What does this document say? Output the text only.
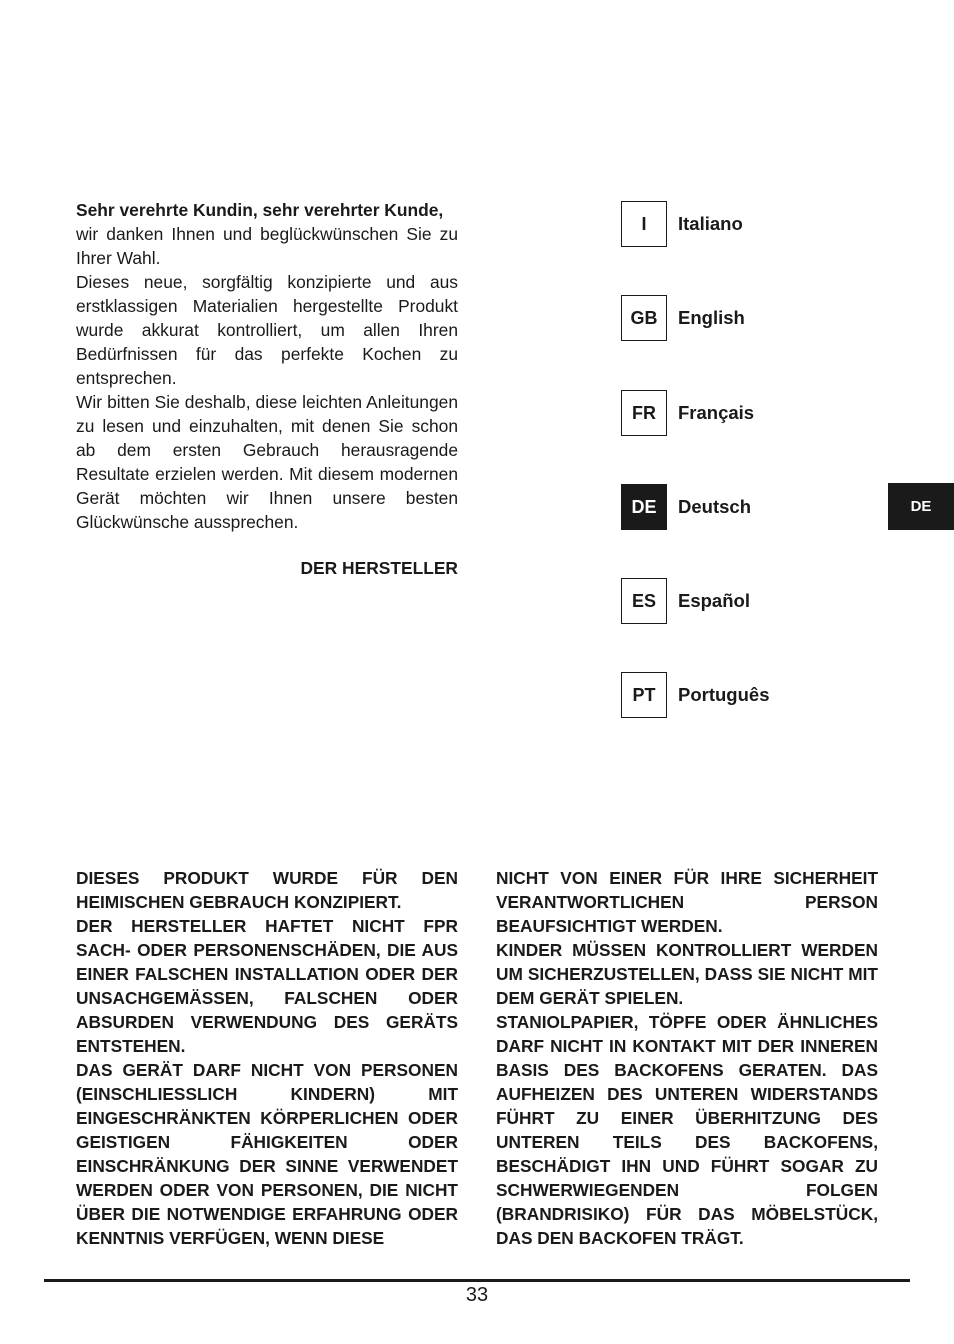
Sehr verehrte Kundin, sehr verehrter Kunde,

wir danken Ihnen und beglückwünschen Sie zu Ihrer Wahl.

Dieses neue, sorgfältig konzipierte und aus erstklassigen Materialien hergestellte Produkt wurde akkurat kontrolliert, um allen Ihren Bedürfnissen für das perfekte Kochen zu entsprechen.

Wir bitten Sie deshalb, diese leichten Anleitungen zu lesen und einzuhalten, mit denen Sie schon ab dem ersten Gebrauch herausragende Resultate erzielen werden. Mit diesem modernen Gerät möchten wir Ihnen unsere besten Glückwünsche aussprechen.

DER HERSTELLER

I	Italiano
GB	English
FR	Français
DE	Deutsch
ES	Español
PT	Português
DE

DIESES PRODUKT WURDE FÜR DEN HEIMISCHEN GEBRAUCH KONZIPIERT.
DER HERSTELLER HAFTET NICHT FPR SACH- ODER PERSONENSCHÄDEN, DIE AUS EINER FALSCHEN INSTALLATION ODER DER UNSACHGEMÄSSEN, FALSCHEN ODER ABSURDEN VERWENDUNG DES GERÄTS ENTSTEHEN.
DAS GERÄT DARF NICHT VON PERSONEN (EINSCHLIESSLICH KINDERN) MIT EINGESCHRÄNKTEN KÖRPERLICHEN ODER GEISTIGEN FÄHIGKEITEN ODER EINSCHRÄNKUNG DER SINNE VERWENDET WERDEN ODER VON PERSONEN, DIE NICHT ÜBER DIE NOTWENDIGE ERFAHRUNG ODER KENNTNIS VERFÜGEN, WENN DIESE

NICHT VON EINER FÜR IHRE SICHERHEIT VERANTWORTLICHEN PERSON BEAUFSICHTIGT WERDEN.
KINDER MÜSSEN KONTROLLIERT WERDEN UM SICHERZUSTELLEN, DASS SIE NICHT MIT DEM GERÄT SPIELEN.
STANIOLPAPIER, TÖPFE ODER ÄHNLICHES DARF NICHT IN KONTAKT MIT DER INNEREN BASIS DES BACKOFENS GERATEN. DAS AUFHEIZEN DES UNTEREN WIDERSTANDS FÜHRT ZU EINER ÜBERHITZUNG DES UNTEREN TEILS DES BACKOFENS, BESCHÄDIGT IHN UND FÜHRT SOGAR ZU SCHWERWIEGENDEN FOLGEN (BRANDRISIKO) FÜR DAS MÖBELSTÜCK, DAS DEN BACKOFEN TRÄGT.

33
